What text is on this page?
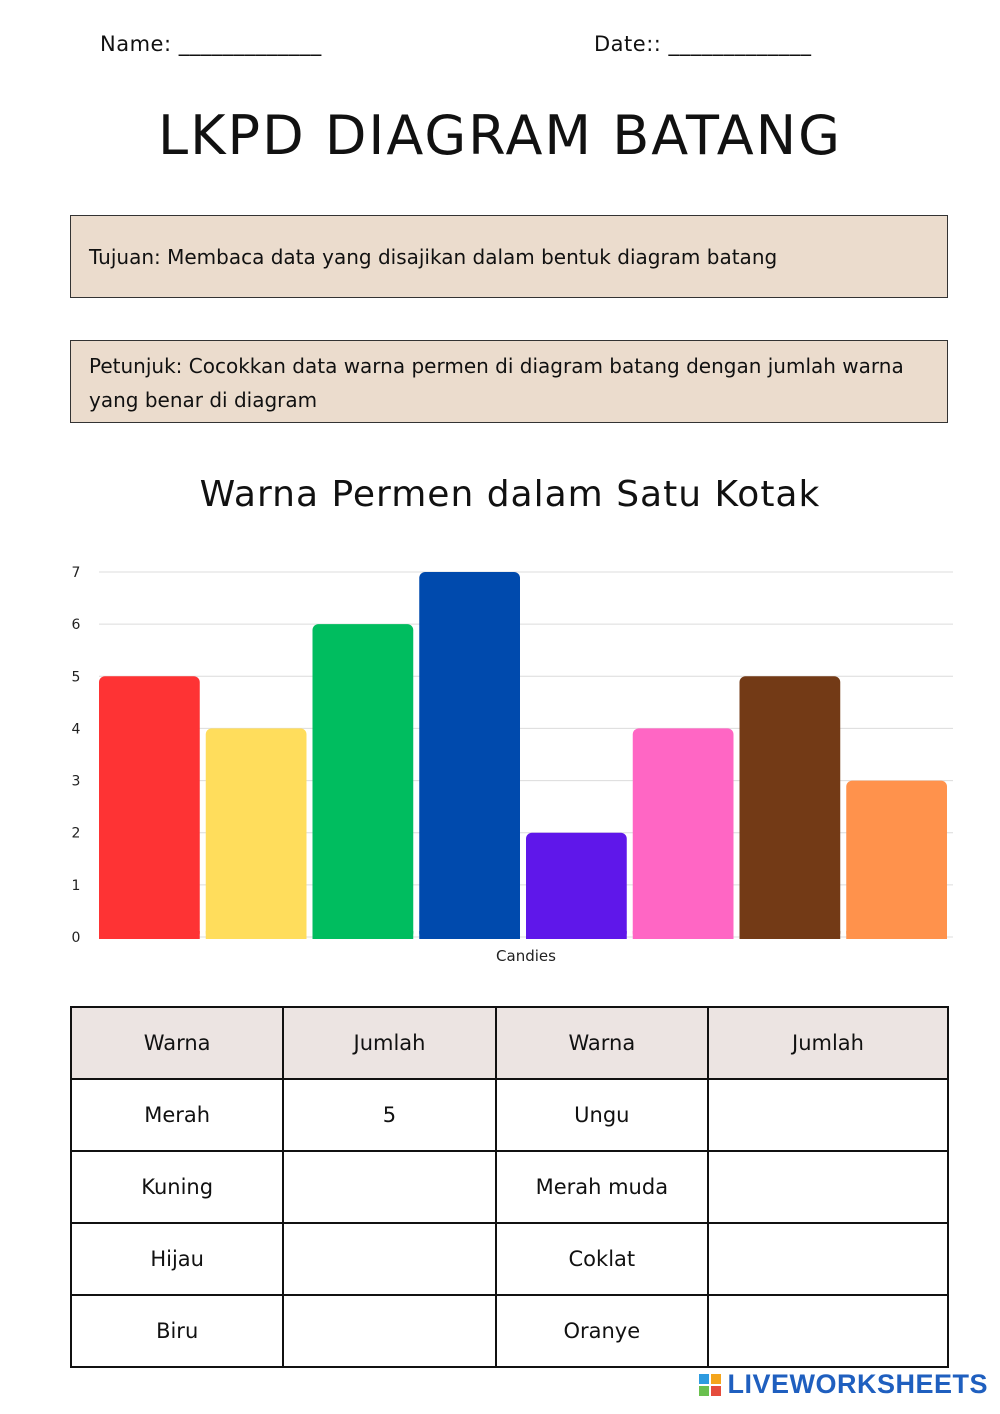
Name: _____________	Date:: _____________
LKPD DIAGRAM BATANG
Tujuan: Membaca data yang disajikan dalam bentuk diagram batang
Petunjuk: Cocokkan data warna permen di diagram batang dengan jumlah warna yang benar di diagram
Warna Permen dalam Satu Kotak
0
1
2
3
4
5
6
7
Candies
Warna	Jumlah	Warna	Jumlah
Merah	5	Ungu	
Kuning		Merah muda	
Hijau		Coklat	
Biru		Oranye	
LIVEWORKSHEETS
